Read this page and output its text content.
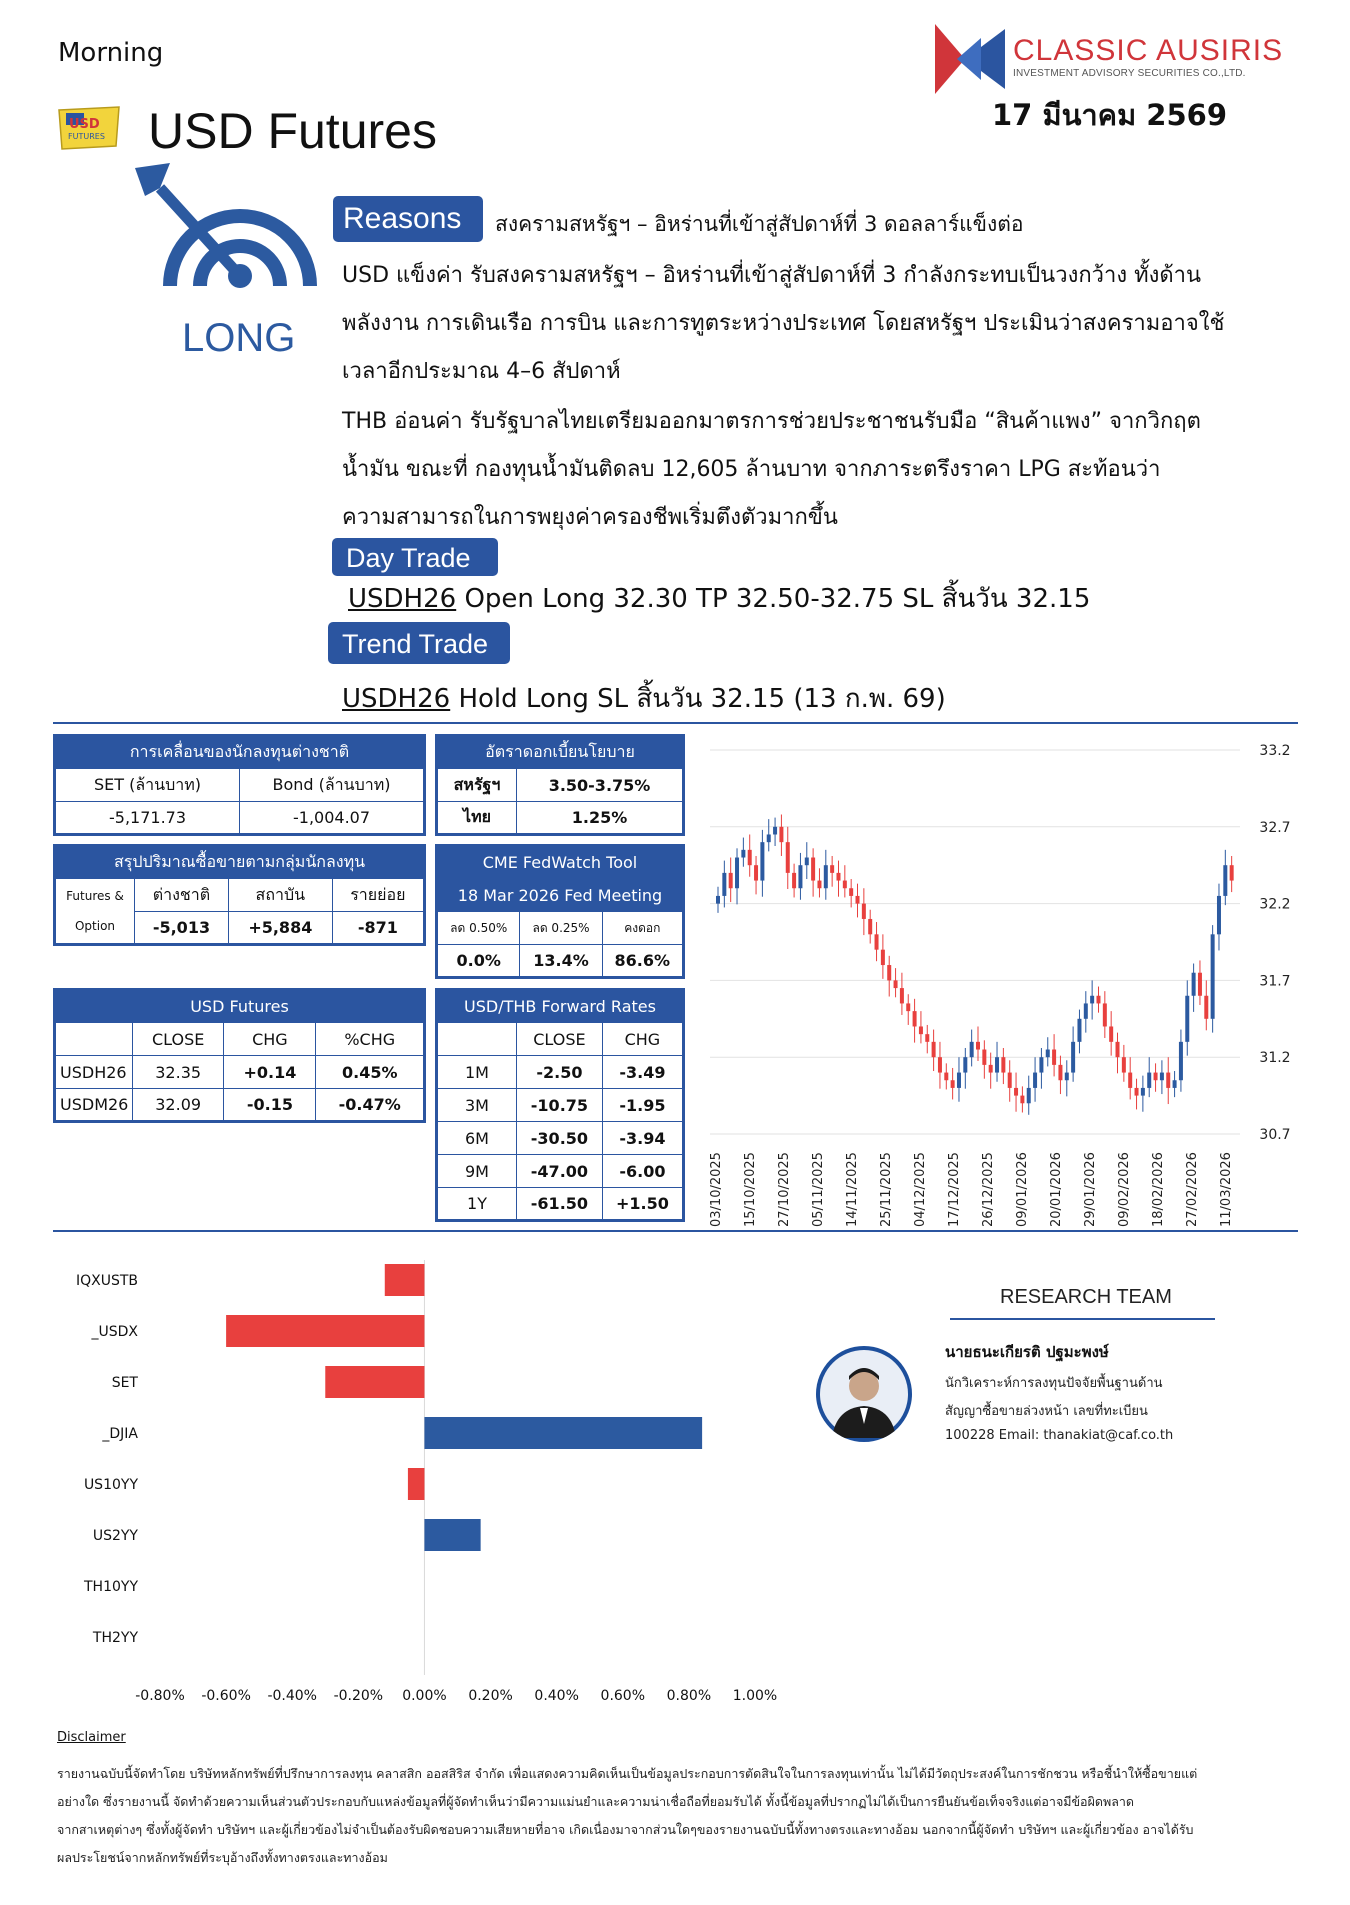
Morning
USD
FUTURES USD Futures
CLASSIC AUSIRIS
INVESTMENT ADVISORY SECURITIES CO.,LTD.
17 มีนาคม 2569
LONG
Reasons	สงครามสหรัฐฯ – อิหร่านที่เข้าสู่สัปดาห์ที่ 3 ดอลลาร์แข็งต่อ
USD แข็งค่า รับสงครามสหรัฐฯ – อิหร่านที่เข้าสู่สัปดาห์ที่ 3 กำลังกระทบเป็นวงกว้าง ทั้งด้าน
พลังงาน การเดินเรือ การบิน และการทูตระหว่างประเทศ โดยสหรัฐฯ ประเมินว่าสงครามอาจใช้
เวลาอีกประมาณ 4–6 สัปดาห์
THB อ่อนค่า รับรัฐบาลไทยเตรียมออกมาตรการช่วยประชาชนรับมือ “สินค้าแพง” จากวิกฤต
น้ำมัน ขณะที่ กองทุนน้ำมันติดลบ 12,605 ล้านบาท จากภาระตรึงราคา LPG สะท้อนว่า
ความสามารถในการพยุงค่าครองชีพเริ่มตึงตัวมากขึ้น
Day Trade
USDH26 Open Long 32.30 TP 32.50-32.75 SL สิ้นวัน 32.15
Trend Trade
USDH26 Hold Long SL สิ้นวัน 32.15 (13 ก.พ. 69)
การเคลื่อนของนักลงทุนต่างชาติ	
SET (ล้านบาท)	Bond (ล้านบาท)
-5,171.73	-1,004.07
อัตราดอกเบี้ยนโยบาย	
สหรัฐฯ	3.50-3.75%
ไทย	1.25%
สรุปปริมาณซื้อขายตามกลุ่มนักลงทุน			

Futures &
Option	ต่างชาติ	สถาบัน	รายย่อย
	-5,013	+5,884	-871
CME FedWatch Tool		
18 Mar 2026 Fed Meeting		
ลด 0.50%	ลด 0.25%	คงดอก
0.0%	13.4%	86.6%
USD Futures			
	CLOSE	CHG	%CHG
USDH26	32.35	+0.14	0.45%
USDM26	32.09	-0.15	-0.47%
USD/THB Forward Rates		
	CLOSE	CHG
1M	-2.50	-3.49
3M	-10.75	-1.95
6M	-30.50	-3.94
9M	-47.00	-6.00
1Y	-61.50	+1.50
33.2
32.7
32.2
31.7
31.2
30.7
03/10/2025 15/10/2025 27/10/2025 05/11/2025 14/11/2025 25/11/2025 04/12/2025 17/12/2025 26/12/2025 09/01/2026 20/01/2026 29/01/2026 09/02/2026 18/02/2026 27/02/2026 11/03/2026
IQXUSTB
_USDX
SET
_DJIA
US10YY
US2YY
TH10YY
TH2YY
-0.80% -0.60% -0.40% -0.20% 0.00% 0.20% 0.40% 0.60% 0.80% 1.00%
RESEARCH TEAM
นายธนะเกียรติ ปฐมะพงษ์
นักวิเคราะห์การลงทุนปัจจัยพื้นฐานด้าน
สัญญาซื้อขายล่วงหน้า เลขที่ทะเบียน
100228 Email: thanakiat@caf.co.th
Disclaimer
รายงานฉบับนี้จัดทำโดย บริษัทหลักทรัพย์ที่ปรึกษาการลงทุน คลาสสิก ออสสิริส จำกัด เพื่อแสดงความคิดเห็นเป็นข้อมูลประกอบการตัดสินใจในการลงทุนเท่านั้น ไม่ได้มีวัตถุประสงค์ในการชักชวน หรือชี้นำให้ซื้อขายแต่
อย่างใด ซึ่งรายงานนี้ จัดทำด้วยความเห็นส่วนตัวประกอบกับแหล่งข้อมูลที่ผู้จัดทำเห็นว่ามีความแม่นยำและความน่าเชื่อถือที่ยอมรับได้ ทั้งนี้ข้อมูลที่ปรากฏไม่ได้เป็นการยืนยันข้อเท็จจริงแต่อาจมีข้อผิดพลาด
จากสาเหตุต่างๆ ซึ่งทั้งผู้จัดทำ บริษัทฯ และผู้เกี่ยวข้องไม่จำเป็นต้องรับผิดชอบความเสียหายที่อาจ เกิดเนื่องมาจากส่วนใดๆของรายงานฉบับนี้ทั้งทางตรงและทางอ้อม นอกจากนี้ผู้จัดทำ บริษัทฯ และผู้เกี่ยวข้อง อาจได้รับ
ผลประโยชน์จากหลักทรัพย์ที่ระบุอ้างถึงทั้งทางตรงและทางอ้อม
